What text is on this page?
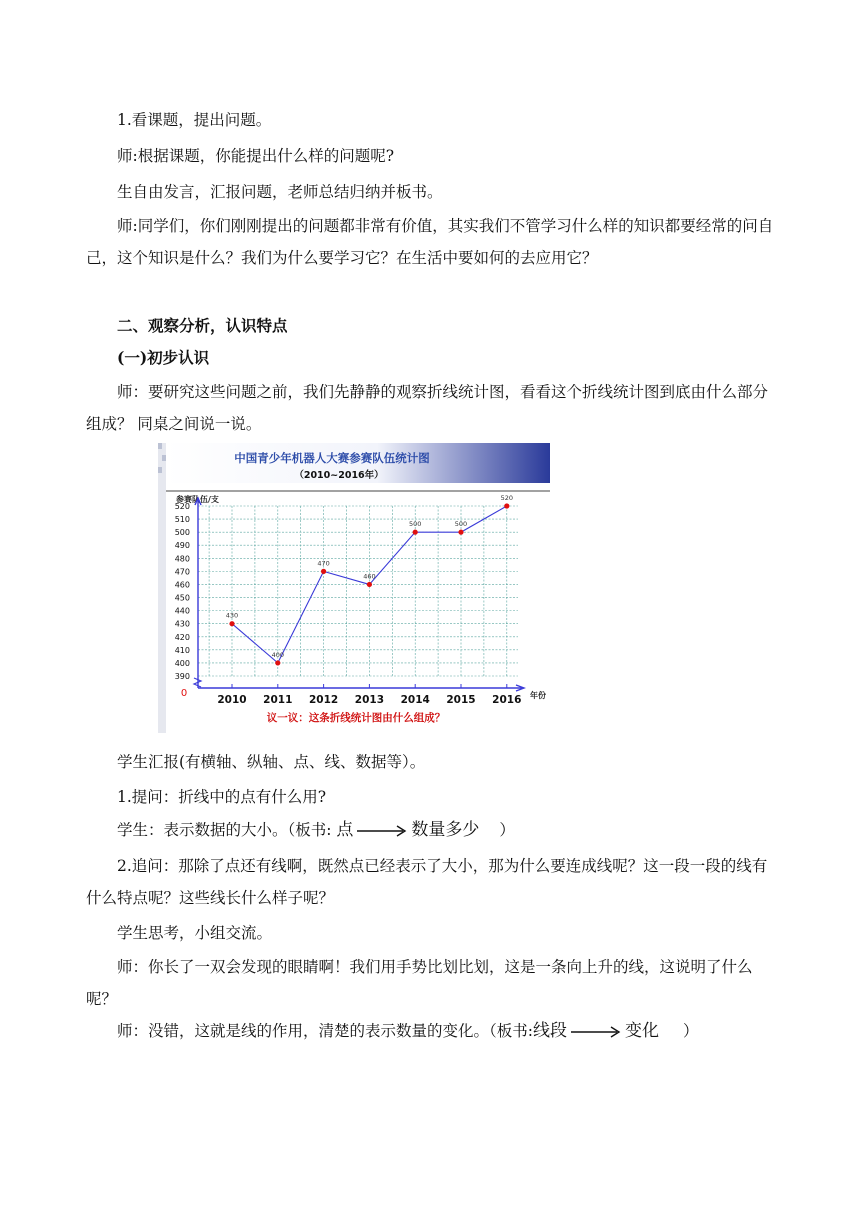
1.看课题，提出问题。

师:根据课题，你能提出什么样的问题呢?

生自由发言，汇报问题，老师总结归纳并板书。

师:同学们，你们刚刚提出的问题都非常有价值，其实我们不管学习什么样的知识都要经常的问自己，这个知识是什么？我们为什么要学习它？在生活中要如何的去应用它？

二、观察分析，认识特点

(一)初步认识

师：要研究这些问题之前，我们先静静的观察折线统计图，看看这个折线统计图到底由什么部分组成？ 同桌之间说一说。

中国青少年机器人大赛参赛队伍统计图
（2010~2016年）
参赛队伍/支
年份
0
议一议：这条折线统计图由什么组成？
520
510
500
490
480
470
460
450
440
430
420
410
400
390
2010 2011 2012 2013 2014 2015 2016
430
400
470
460
500	500
520

学生汇报(有横轴、纵轴、点、线、数据等）。

1.提问：折线中的点有什么用?

学生：表示数据的大小。（板书: 点	数量多少 ）

2.追问：那除了点还有线啊，既然点已经表示了大小，那为什么要连成线呢？这一段一段的线有什么特点呢？这些线长什么样子呢？

学生思考，小组交流。

师：你长了一双会发现的眼睛啊！我们用手势比划比划，这是一条向上升的线，这说明了什么呢？

师：没错，这就是线的作用，清楚的表示数量的变化。（板书:线段	变化 ）
